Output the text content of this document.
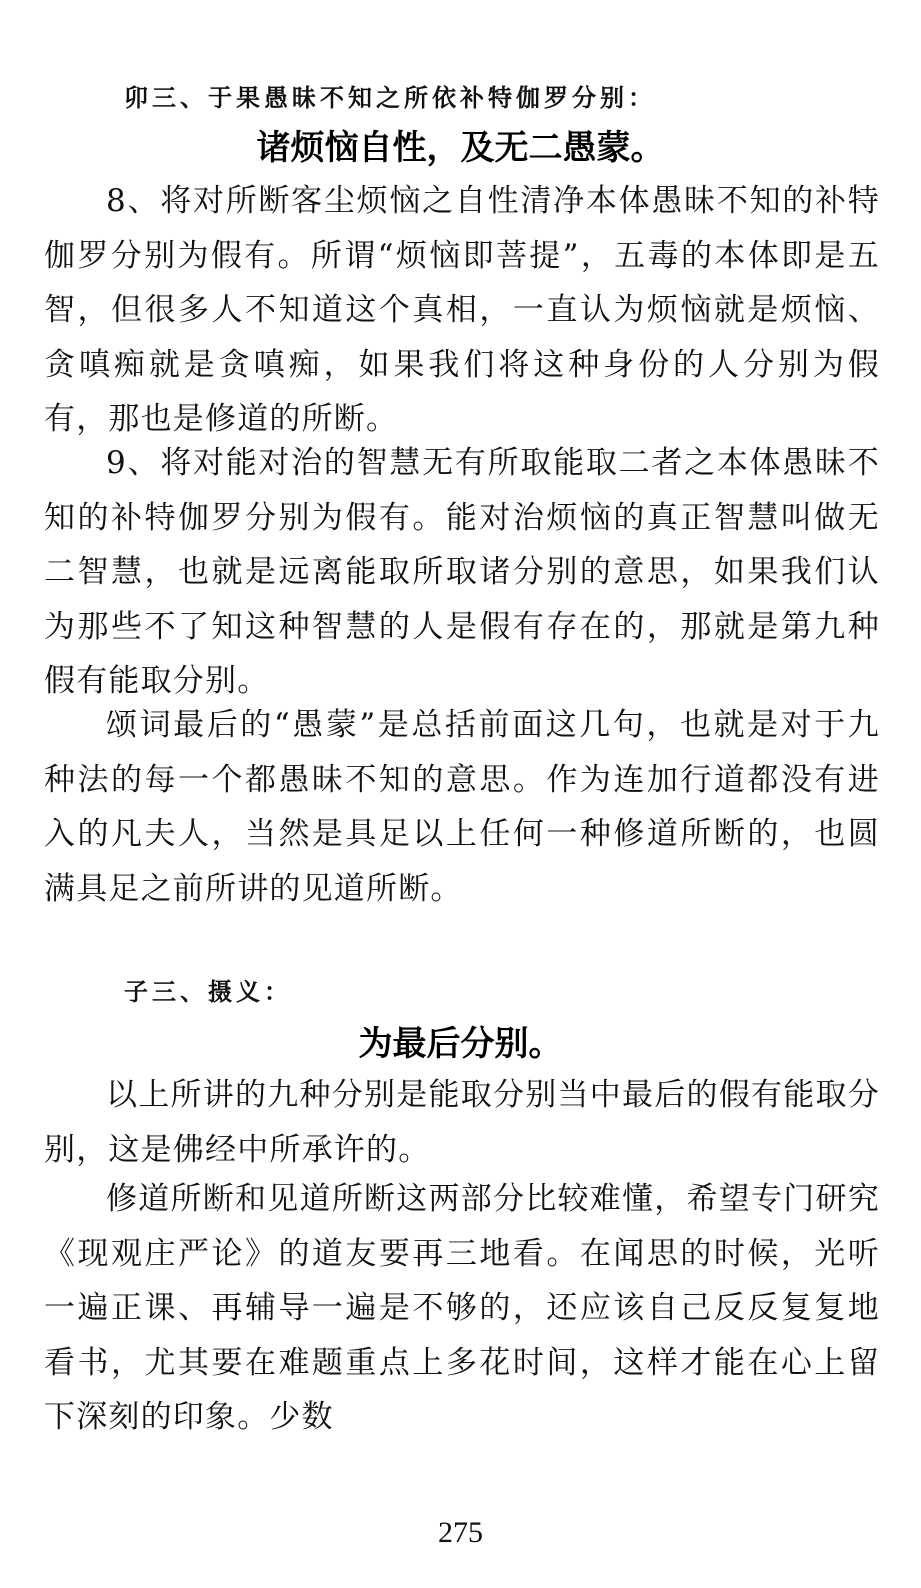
卯三、于果愚昧不知之所依补特伽罗分别：
诸烦恼自性，及无二愚蒙。

8、将对所断客尘烦恼之自性清净本体愚昧不知的补特伽罗分别为假有。所谓“烦恼即菩提”，五毒的本体即是五智，但很多人不知道这个真相，一直认为烦恼就是烦恼、贪嗔痴就是贪嗔痴，如果我们将这种身份的人分别为假有，那也是修道的所断。

9、将对能对治的智慧无有所取能取二者之本体愚昧不知的补特伽罗分别为假有。能对治烦恼的真正智慧叫做无二智慧，也就是远离能取所取诸分别的意思，如果我们认为那些不了知这种智慧的人是假有存在的，那就是第九种假有能取分别。

颂词最后的“愚蒙”是总括前面这几句，也就是对于九种法的每一个都愚昧不知的意思。作为连加行道都没有进入的凡夫人，当然是具足以上任何一种修道所断的，也圆满具足之前所讲的见道所断。

子三、摄义：
为最后分别。

以上所讲的九种分别是能取分别当中最后的假有能取分别，这是佛经中所承许的。

修道所断和见道所断这两部分比较难懂，希望专门研究《现观庄严论》的道友要再三地看。在闻思的时候，光听一遍正课、再辅导一遍是不够的，还应该自己反反复复地看书，尤其要在难题重点上多花时间，这样才能在心上留下深刻的印象。少数

275
